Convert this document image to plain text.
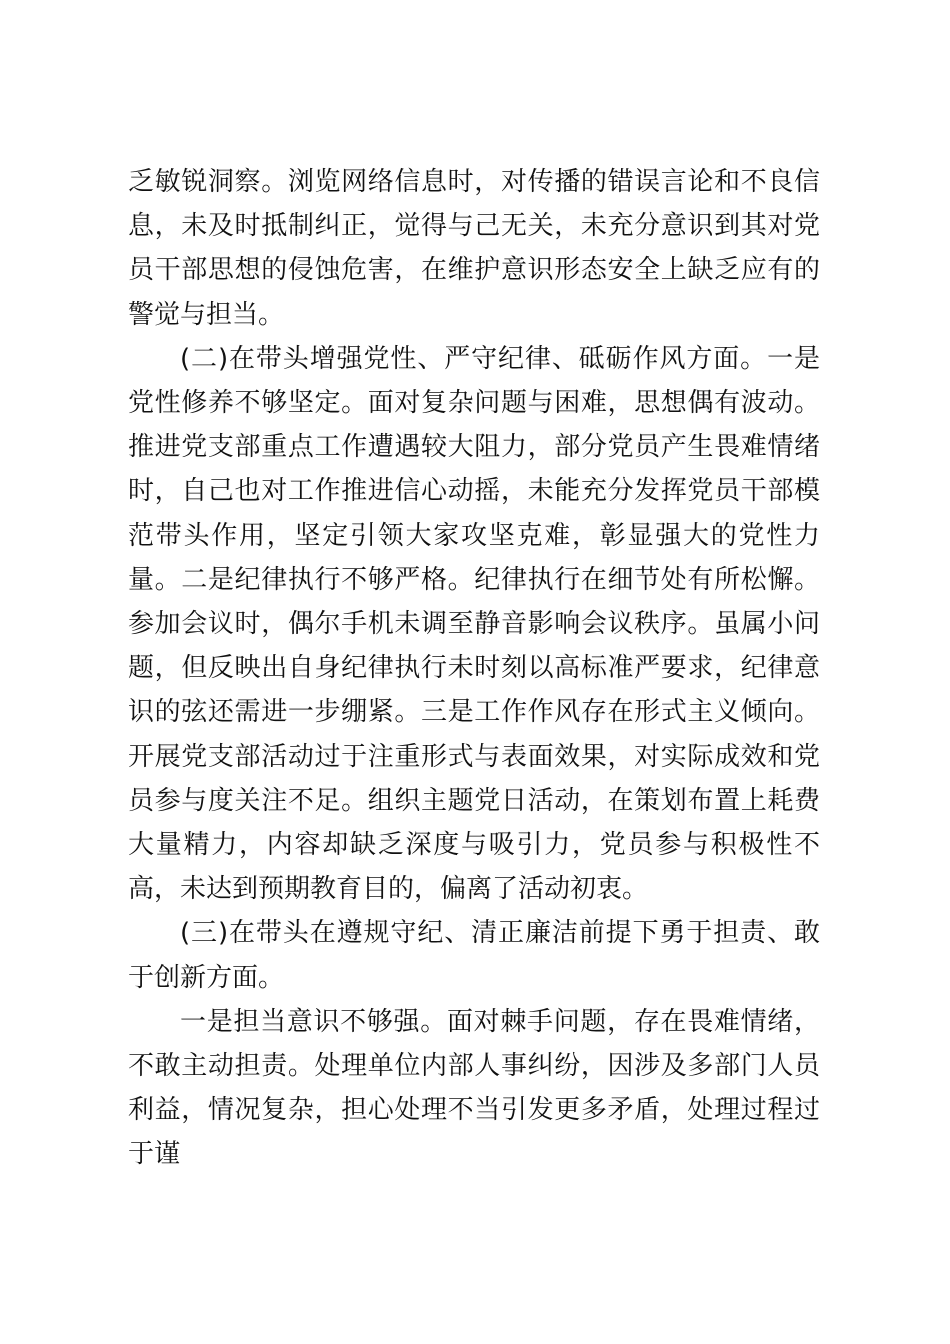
乏敏锐洞察。浏览网络信息时，对传播的错误言论和不良信息，未及时抵制纠正，觉得与己无关，未充分意识到其对党员干部思想的侵蚀危害，在维护意识形态安全上缺乏应有的警觉与担当。

(二)在带头增强党性、严守纪律、砥砺作风方面。一是党性修养不够坚定。面对复杂问题与困难，思想偶有波动。推进党支部重点工作遭遇较大阻力，部分党员产生畏难情绪时，自己也对工作推进信心动摇，未能充分发挥党员干部模范带头作用，坚定引领大家攻坚克难，彰显强大的党性力量。二是纪律执行不够严格。纪律执行在细节处有所松懈。参加会议时，偶尔手机未调至静音影响会议秩序。虽属小问题，但反映出自身纪律执行未时刻以高标准严要求，纪律意识的弦还需进一步绷紧。三是工作作风存在形式主义倾向。开展党支部活动过于注重形式与表面效果，对实际成效和党员参与度关注不足。组织主题党日活动，在策划布置上耗费大量精力，内容却缺乏深度与吸引力，党员参与积极性不高，未达到预期教育目的，偏离了活动初衷。

(三)在带头在遵规守纪、清正廉洁前提下勇于担责、敢于创新方面。

一是担当意识不够强。面对棘手问题，存在畏难情绪，不敢主动担责。处理单位内部人事纠纷，因涉及多部门人员利益，情况复杂，担心处理不当引发更多矛盾，处理过程过于谨
